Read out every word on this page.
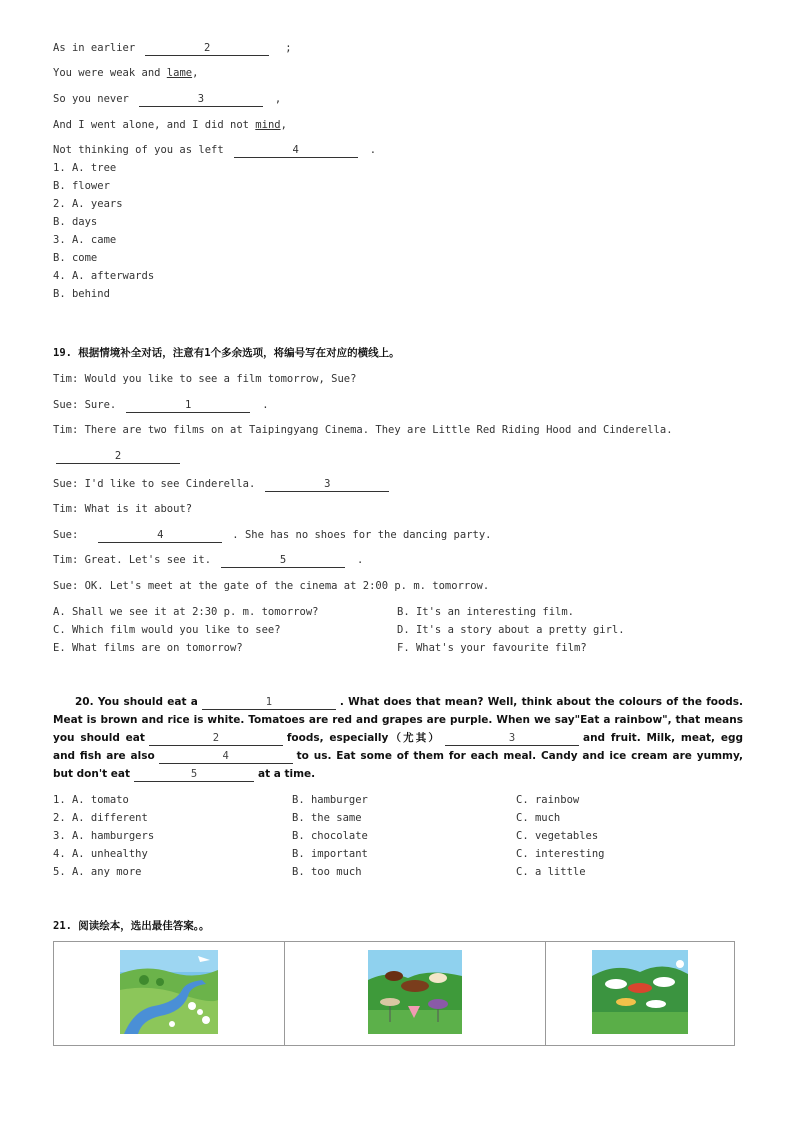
As in earlier	2	;
You were weak and lame,
So you never	3	,
And I went alone, and I did not mind,
Not thinking of you as left	4	.
1. A. tree
B. flower
2. A. years
B. days
3. A. came
B. come
4. A. afterwards
B. behind
19. 根据情境补全对话，注意有1个多余选项，将编号写在对应的横线上。
Tim: Would you like to see a film tomorrow, Sue?
Sue: Sure.	1	.
Tim: There are two films on at Taipingyang Cinema. They are Little Red Riding Hood and Cinderella.
2
Sue: I'd like to see Cinderella.	3
Tim: What is it about?
Sue:	4	. She has no shoes for the dancing party.
Tim: Great. Let's see it.	5	.
Sue: OK. Let's meet at the gate of the cinema at 2:00 p. m. tomorrow.
A. Shall we see it at 2:30 p. m. tomorrow?	B. It's an interesting film.
C. Which film would you like to see?	D. It's a story about a pretty girl.
E. What films are on tomorrow?	F. What's your favourite film?
20. You should eat a	1	. What does that mean? Well, think about the colours of the foods. Meat is brown and rice is white. Tomatoes are red and grapes are purple. When we say"Eat a rainbow", that means you should eat	2	foods, especially（尤其）	3	and fruit. Milk, meat, egg and fish are also	4	to us. Eat some of them for each meal. Candy and ice cream are yummy, but don't eat	5	at a time.
1. A. tomato	B. hamburger	C. rainbow
2. A. different	B. the same	C. much
3. A. hamburgers	B. chocolate	C. vegetables
4. A. unhealthy	B. important	C. interesting
5. A. any more	B. too much	C. a little
21. 阅读绘本，选出最佳答案。。
